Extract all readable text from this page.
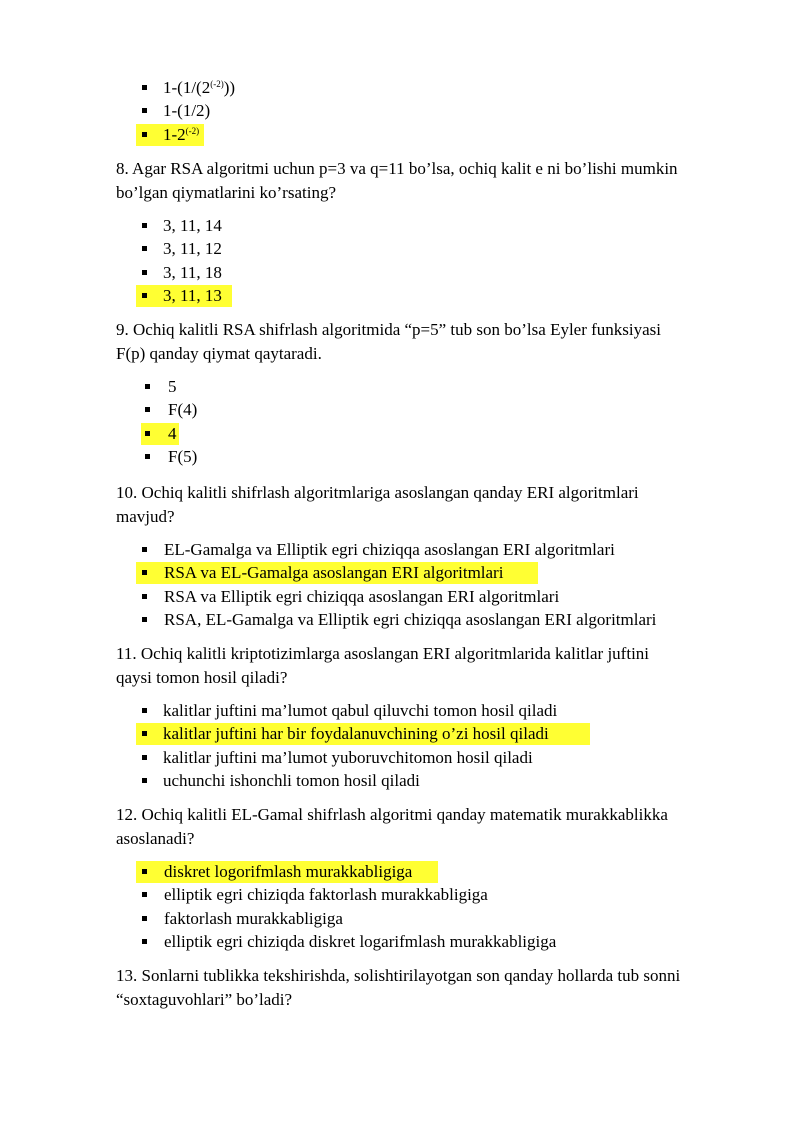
$1-(1/(2^{(-2)}))$
1-(1/2)
$1-2^{(-2)}$
8. Agar RSA algoritmi uchun p=3 va q=11 bo’lsa, ochiq kalit e ni bo’lishi mumkin
bo’lgan qiymatlarini ko’rsating?
3, 11, 14
3, 11, 12
3, 11, 18
3, 11, 13
9. Ochiq kalitli RSA shifrlash algoritmida “p=5” tub son bo’lsa Eyler funksiyasi
F(p) qanday qiymat qaytaradi.
5
F(4)
4
F(5)
10. Ochiq kalitli shifrlash algoritmlariga asoslangan qanday ERI algoritmlari
mavjud?
EL-Gamalga va Elliptik egri chiziqqa asoslangan ERI algoritmlari
RSA va EL-Gamalga asoslangan ERI algoritmlari
RSA va Elliptik egri chiziqqa asoslangan ERI algoritmlari
RSA, EL-Gamalga va Elliptik egri chiziqqa asoslangan ERI algoritmlari
11. Ochiq kalitli kriptotizimlarga asoslangan ERI algoritmlarida kalitlar juftini
qaysi tomon hosil qiladi?
kalitlar juftini ma’lumot qabul qiluvchi tomon hosil qiladi
kalitlar juftini har bir foydalanuvchining o’zi hosil qiladi
kalitlar juftini ma’lumot yuboruvchitomon hosil qiladi
uchunchi ishonchli tomon hosil qiladi
12. Ochiq kalitli EL-Gamal shifrlash algoritmi qanday matematik murakkablikka
asoslanadi?
diskret logorifmlash murakkabligiga
elliptik egri chiziqda faktorlash murakkabligiga
faktorlash murakkabligiga
elliptik egri chiziqda diskret logarifmlash murakkabligiga
13. Sonlarni tublikka tekshirishda, solishtirilayotgan son qanday hollarda tub sonni
“soxtaguvohlari” bo’ladi?
